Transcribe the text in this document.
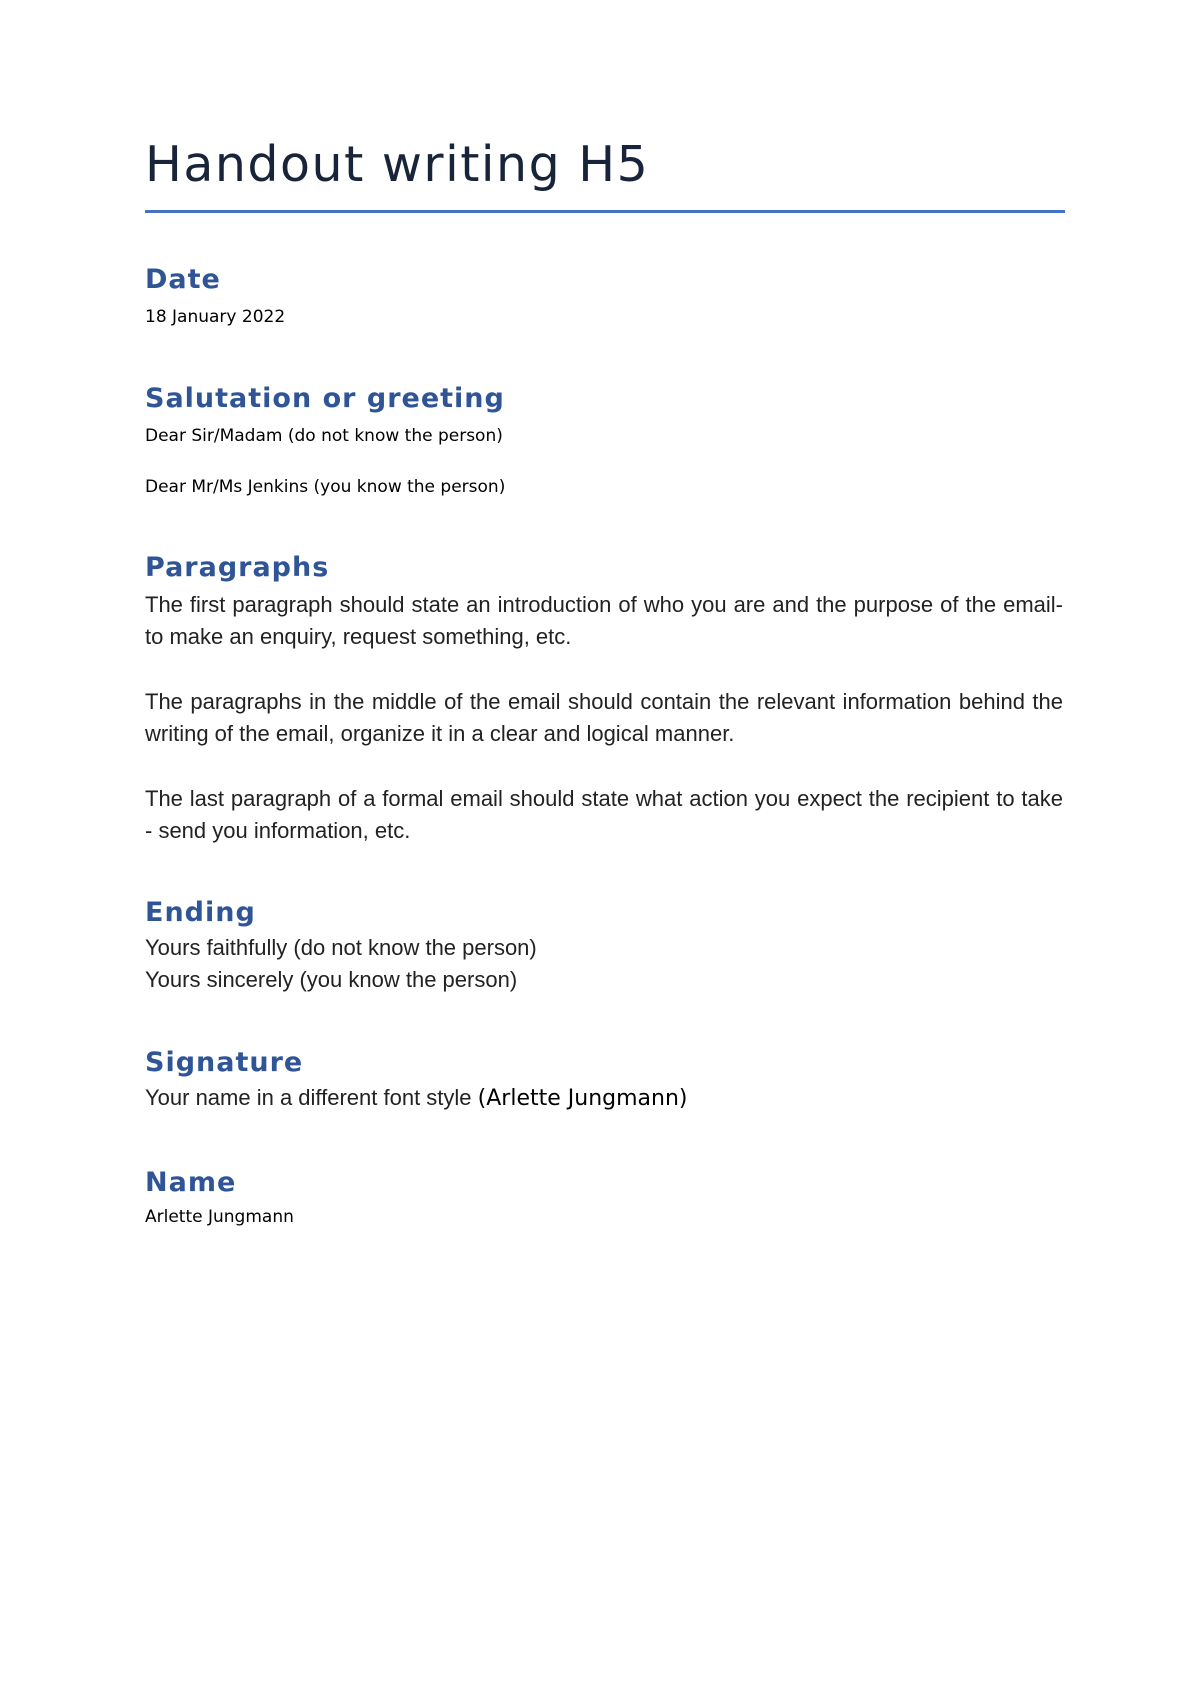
Handout writing H5
Date
18 January 2022
Salutation or greeting
Dear Sir/Madam (do not know the person)
Dear Mr/Ms Jenkins (you know the person)
Paragraphs
The first paragraph should state an introduction of who you are and the purpose of the email- to make an enquiry, request something, etc.
The paragraphs in the middle of the email should contain the relevant information behind the writing of the email, organize it in a clear and logical manner.
The last paragraph of a formal email should state what action you expect the recipient to take - send you information, etc.
Ending
Yours faithfully (do not know the person)
Yours sincerely (you know the person)
Signature
Your name in a different font style (Arlette Jungmann)
Name
Arlette Jungmann
